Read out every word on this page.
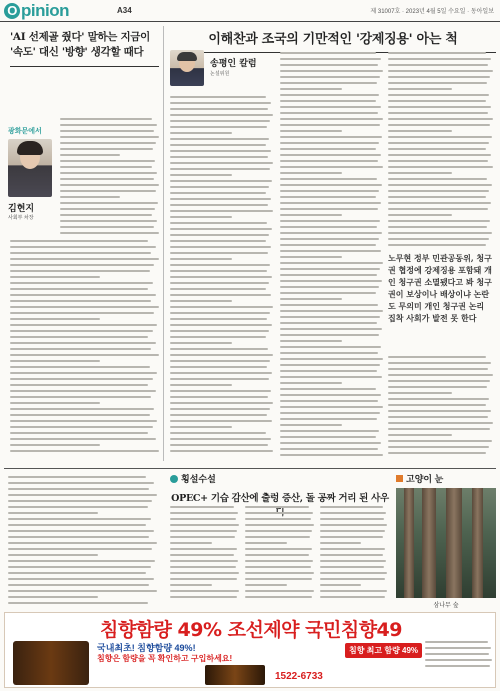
O pinion	A34	제 31007호 · 2023년 4월 5일 수요일 · 동아일보
'AI 선제골 줬다' 말하는 지금이 '속도' 대신 '방향' 생각할 때다
광화문에서
김현지
사회부 차장
이해찬과 조국의 기만적인 '강제징용' 아는 척
송평인 칼럼
논설위원
노무현 정부 민관공동위, 청구권 협정에 강제징용 포함돼 개인 청구권 소멸됐다고 봐 청구권이 보상이나 배상이냐 논란도 무의미 개인 청구권 논리 집착 사회가 발전 못 한다
횡설수설
OPEC+ 기습 감산에 출렁 증산, 돌 공짜 거리 된 사우
고양이 눈
삼나무 숲
침향함량 49% 조선제약 국민침향49
국내최초! 침향함량 49%!
침향은 함량을 꼭 확인하고 구입하세요!
침향 최고 함량 49%
1522-6733
